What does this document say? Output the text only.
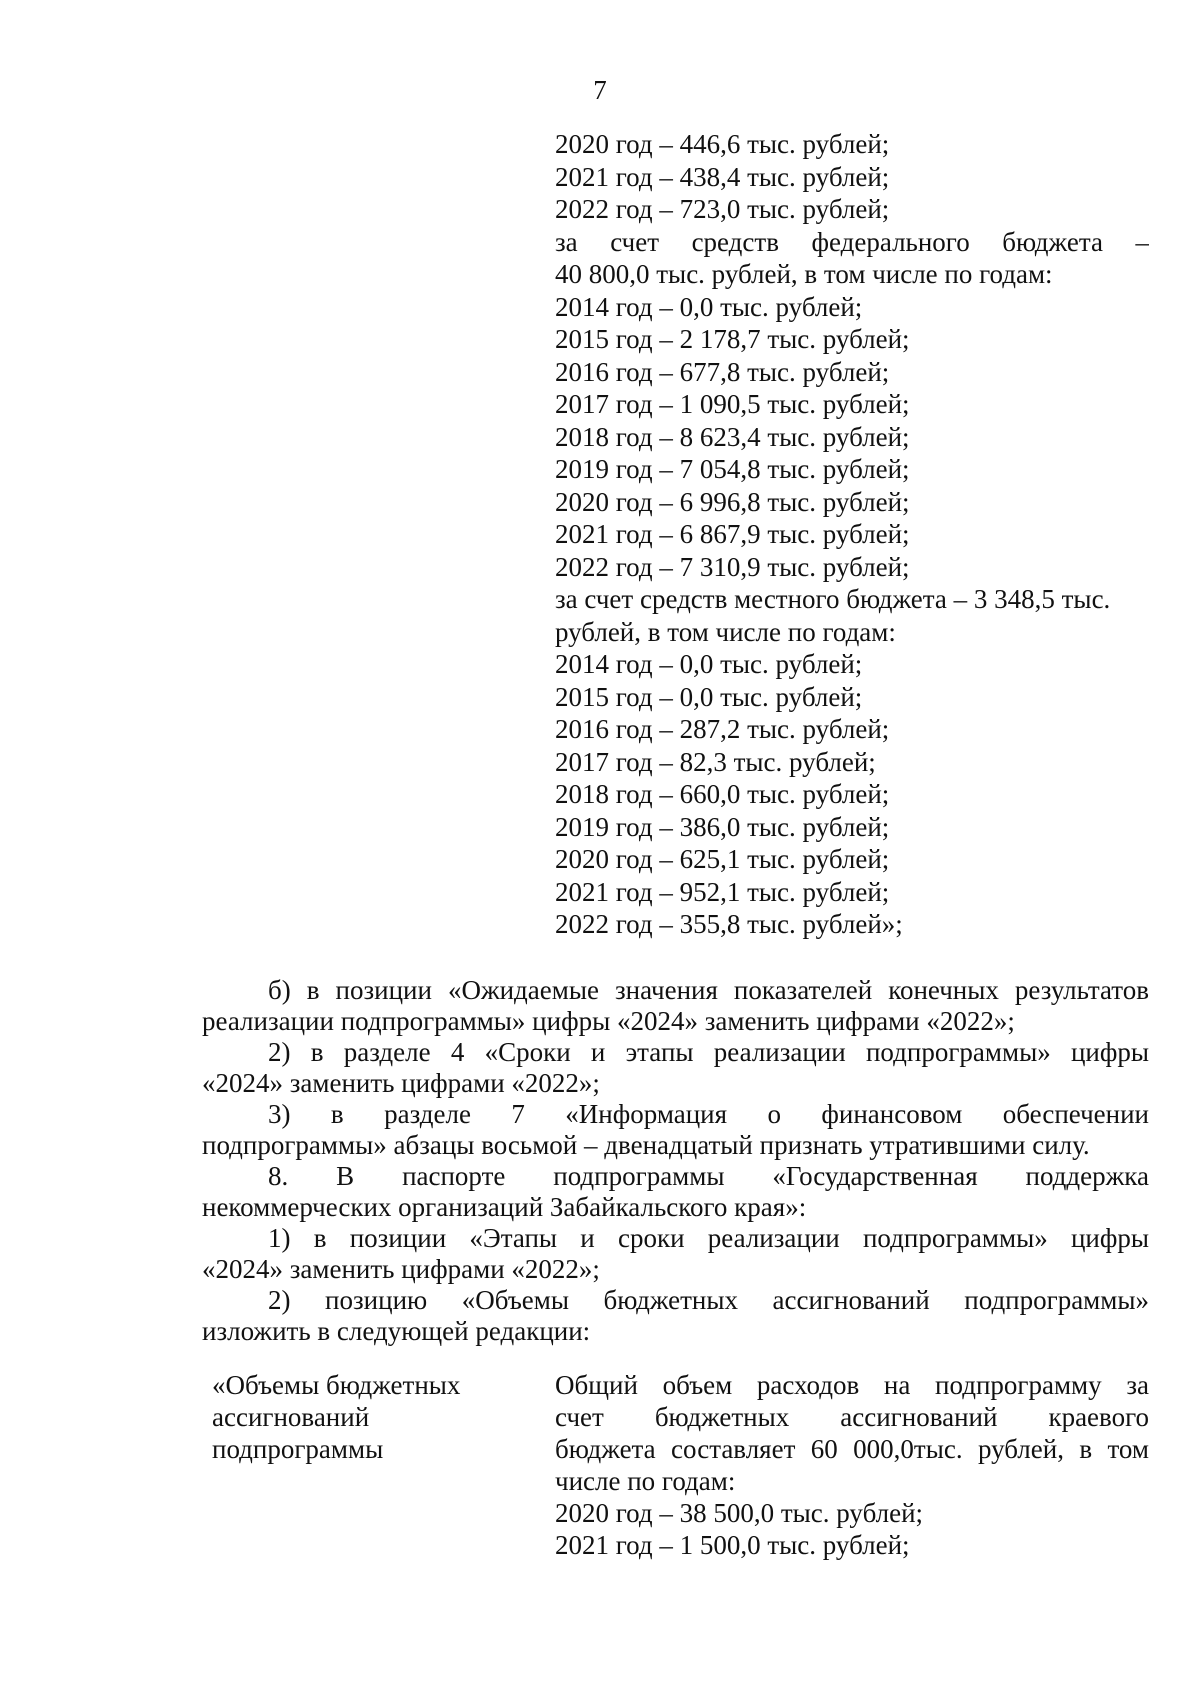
7
2020 год – 446,6 тыс. рублей;
2021 год – 438,4 тыс. рублей;
2022 год – 723,0 тыс. рублей;
за счет средств федерального бюджета –
40 800,0 тыс. рублей, в том числе по годам:
2014 год – 0,0 тыс. рублей;
2015 год – 2 178,7 тыс. рублей;
2016 год – 677,8 тыс. рублей;
2017 год – 1 090,5 тыс. рублей;
2018 год – 8 623,4 тыс. рублей;
2019 год – 7 054,8 тыс. рублей;
2020 год – 6 996,8 тыс. рублей;
2021 год – 6 867,9 тыс. рублей;
2022 год – 7 310,9 тыс. рублей;
за счет средств местного бюджета – 3 348,5 тыс.
рублей, в том числе по годам:
2014 год – 0,0 тыс. рублей;
2015 год – 0,0 тыс. рублей;
2016 год – 287,2 тыс. рублей;
2017 год – 82,3 тыс. рублей;
2018 год – 660,0 тыс. рублей;
2019 год – 386,0 тыс. рублей;
2020 год – 625,1 тыс. рублей;
2021 год – 952,1 тыс. рублей;
2022 год – 355,8 тыс. рублей»;
б) в позиции «Ожидаемые значения показателей конечных результатов
реализации подпрограммы» цифры «2024» заменить цифрами «2022»;
2) в разделе 4 «Сроки и этапы реализации подпрограммы» цифры
«2024» заменить цифрами «2022»;
3) в разделе 7 «Информация о финансовом обеспечении
подпрограммы» абзацы восьмой – двенадцатый признать утратившими силу.
8. В паспорте подпрограммы «Государственная поддержка
некоммерческих организаций Забайкальского края»:
1) в позиции «Этапы и сроки реализации подпрограммы» цифры
«2024» заменить цифрами «2022»;
2) позицию «Объемы бюджетных ассигнований подпрограммы»
изложить в следующей редакции:
«Объемы бюджетных
ассигнований
подпрограммы
Общий объем расходов на подпрограмму за
счет бюджетных ассигнований краевого
бюджета составляет 60 000,0тыс. рублей, в том
числе по годам:
2020 год – 38 500,0 тыс. рублей;
2021 год – 1 500,0 тыс. рублей;
